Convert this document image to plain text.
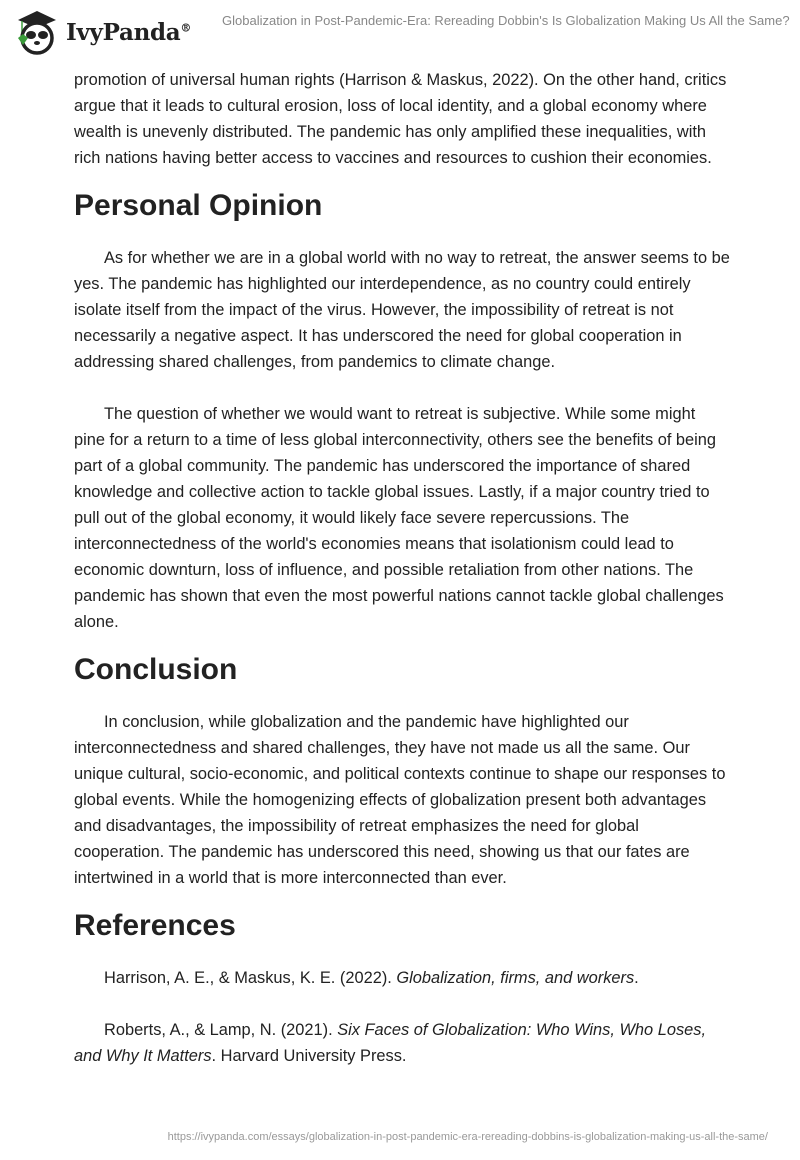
IvyPanda® Globalization in Post-Pandemic-Era: Rereading Dobbin's Is Globalization Making Us All the Same?

promotion of universal human rights (Harrison & Maskus, 2022). On the other hand, critics argue that it leads to cultural erosion, loss of local identity, and a global economy where wealth is unevenly distributed. The pandemic has only amplified these inequalities, with rich nations having better access to vaccines and resources to cushion their economies.

Personal Opinion

As for whether we are in a global world with no way to retreat, the answer seems to be yes. The pandemic has highlighted our interdependence, as no country could entirely isolate itself from the impact of the virus. However, the impossibility of retreat is not necessarily a negative aspect. It has underscored the need for global cooperation in addressing shared challenges, from pandemics to climate change.

The question of whether we would want to retreat is subjective. While some might pine for a return to a time of less global interconnectivity, others see the benefits of being part of a global community. The pandemic has underscored the importance of shared knowledge and collective action to tackle global issues. Lastly, if a major country tried to pull out of the global economy, it would likely face severe repercussions. The interconnectedness of the world's economies means that isolationism could lead to economic downturn, loss of influence, and possible retaliation from other nations. The pandemic has shown that even the most powerful nations cannot tackle global challenges alone.

Conclusion

In conclusion, while globalization and the pandemic have highlighted our interconnectedness and shared challenges, they have not made us all the same. Our unique cultural, socio-economic, and political contexts continue to shape our responses to global events. While the homogenizing effects of globalization present both advantages and disadvantages, the impossibility of retreat emphasizes the need for global cooperation. The pandemic has underscored this need, showing us that our fates are intertwined in a world that is more interconnected than ever.

References

Harrison, A. E., & Maskus, K. E. (2022). Globalization, firms, and workers.

Roberts, A., & Lamp, N. (2021). Six Faces of Globalization: Who Wins, Who Loses, and Why It Matters. Harvard University Press.

https://ivypanda.com/essays/globalization-in-post-pandemic-era-rereading-dobbins-is-globalization-making-us-all-the-same/
